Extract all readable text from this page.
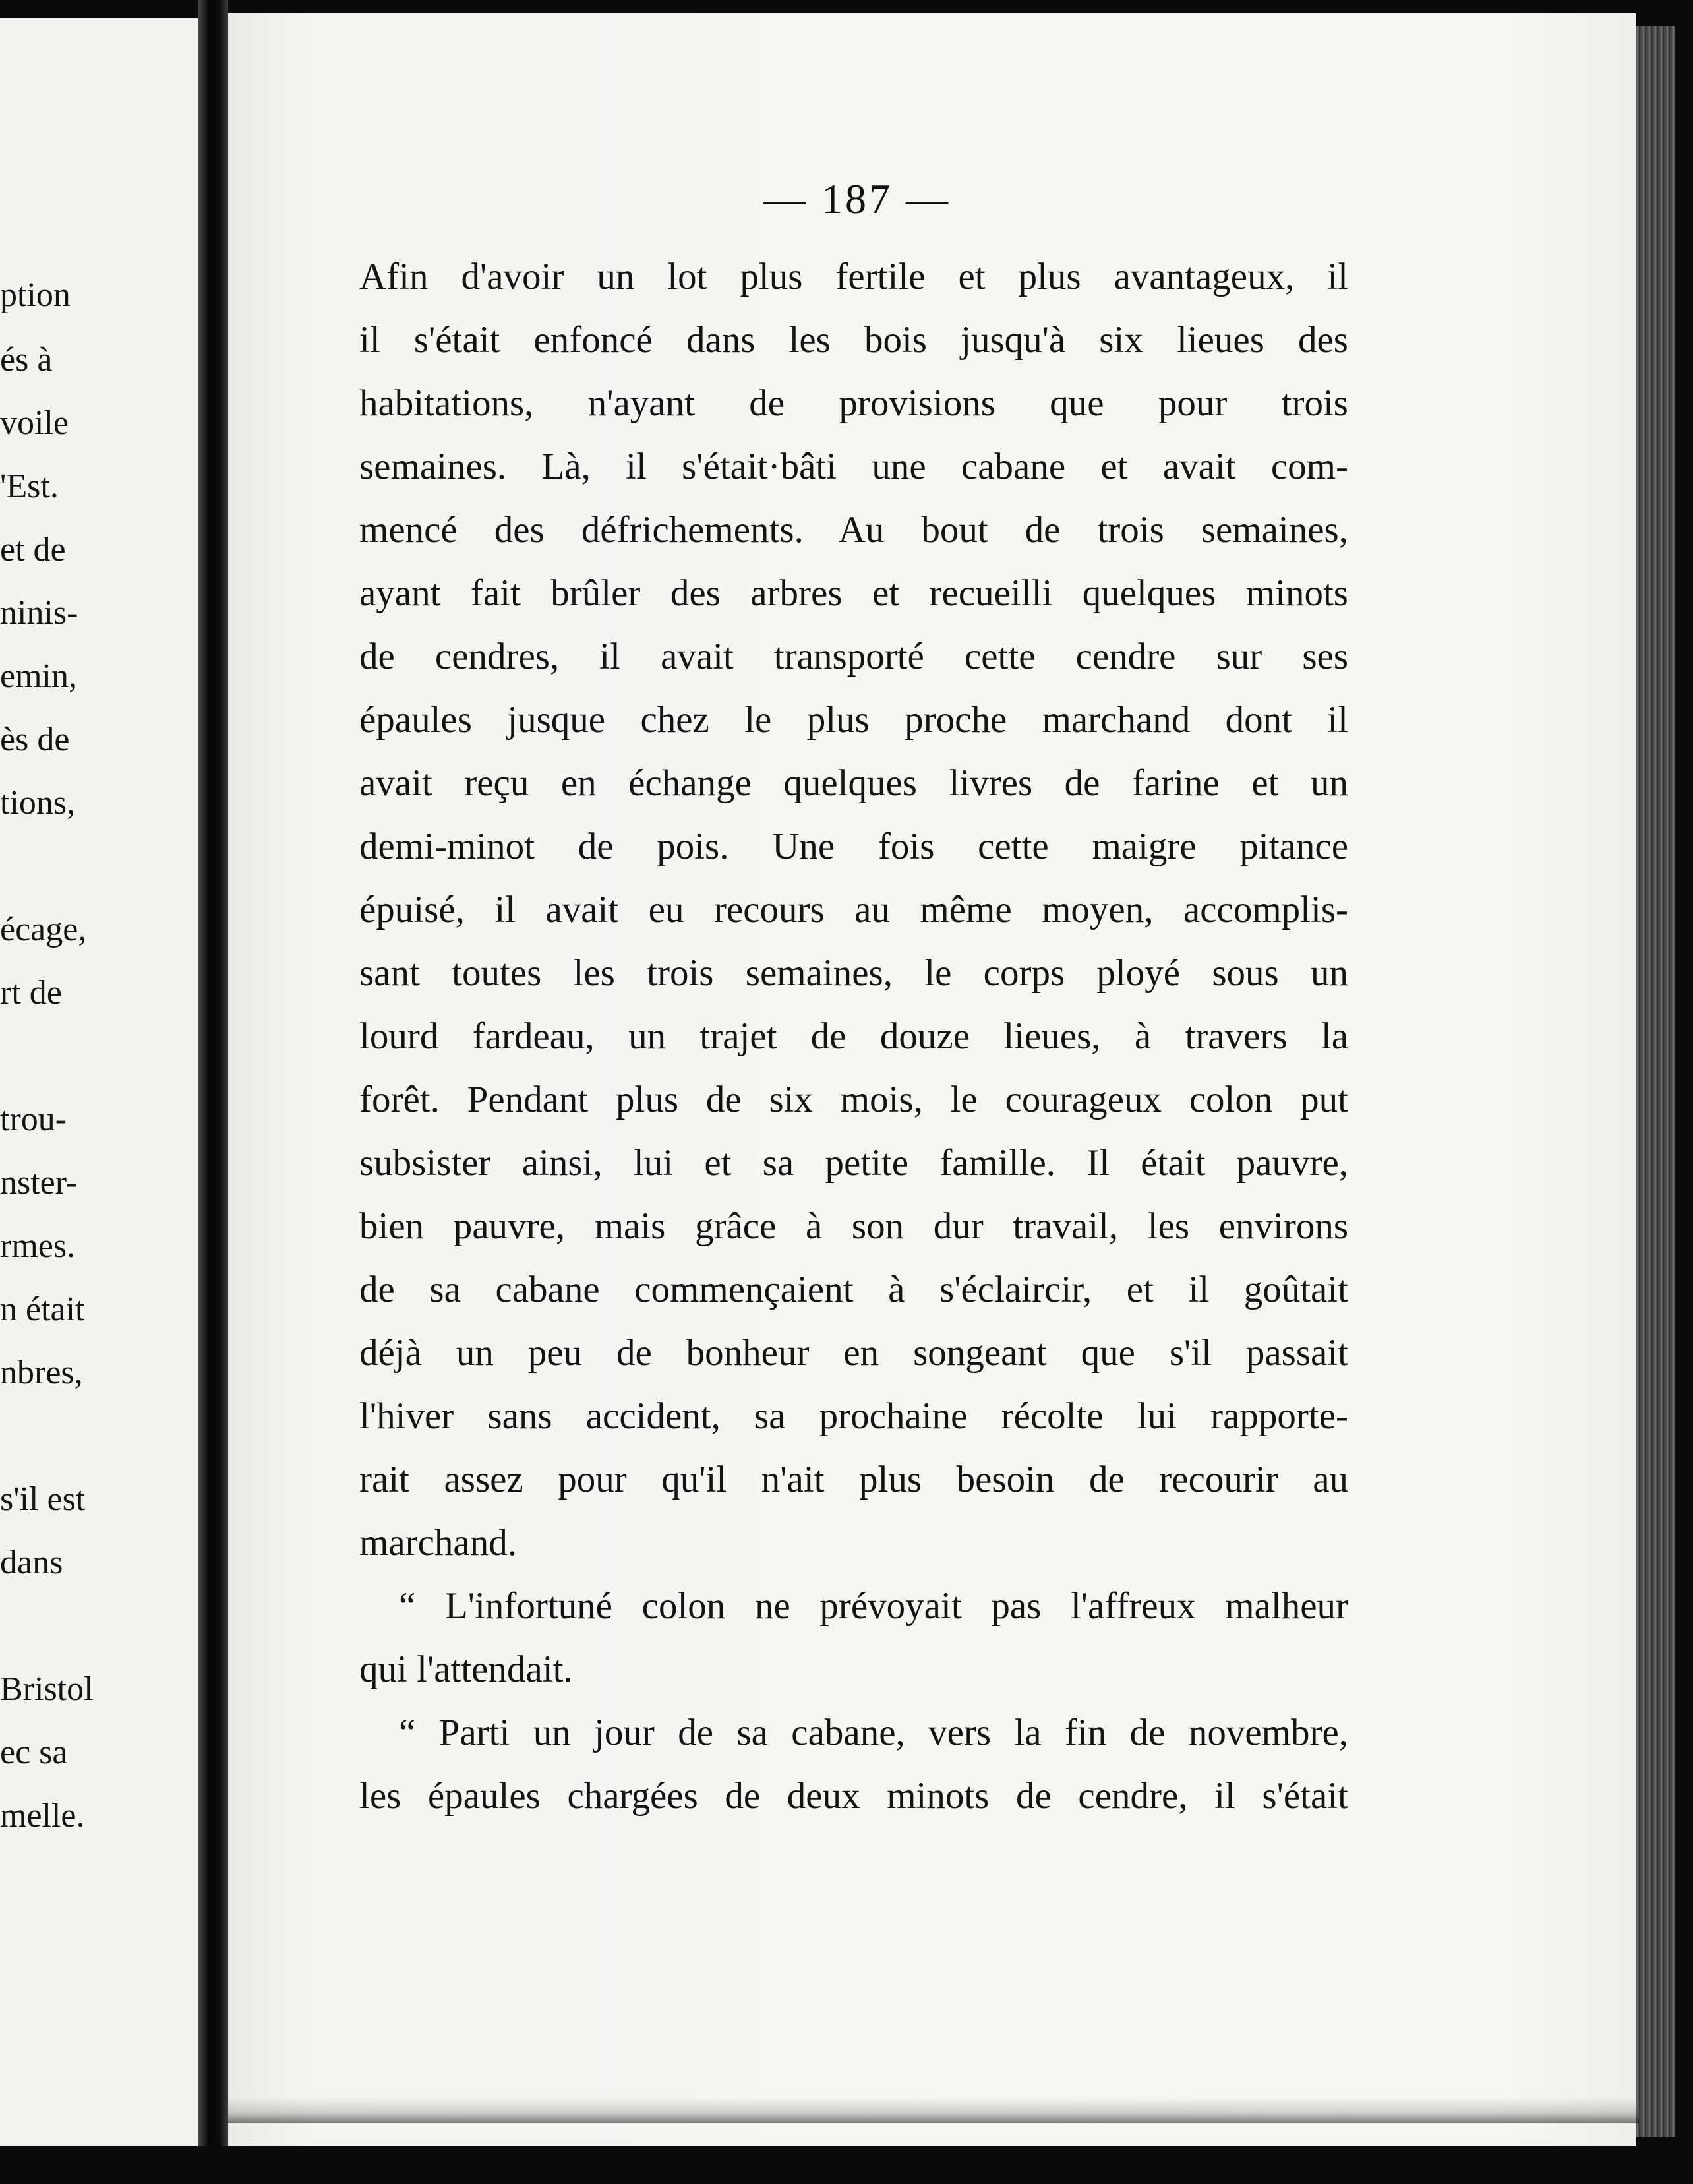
ption
és à
voile
'Est.
et de
ninis-
emin,
ès de
tions,
écage,
rt de
trou-
nster-
rmes.
n était
nbres,
s'il est
dans
Bristol
ec sa
melle.
— 187 —
Afin d'avoir un lot plus fertile et plus avantageux, il
il s'était enfoncé dans les bois jusqu'à six lieues des
habitations, n'ayant de provisions que pour trois
semaines. Là, il s'était·bâti une cabane et avait com-
mencé des défrichements. Au bout de trois semaines,
ayant fait brûler des arbres et recueilli quelques minots
de cendres, il avait transporté cette cendre sur ses
épaules jusque chez le plus proche marchand dont il
avait reçu en échange quelques livres de farine et un
demi-minot de pois. Une fois cette maigre pitance
épuisé, il avait eu recours au même moyen, accomplis-
sant toutes les trois semaines, le corps ployé sous un
lourd fardeau, un trajet de douze lieues, à travers la
forêt. Pendant plus de six mois, le courageux colon put
subsister ainsi, lui et sa petite famille. Il était pauvre,
bien pauvre, mais grâce à son dur travail, les environs
de sa cabane commençaient à s'éclaircir, et il goûtait
déjà un peu de bonheur en songeant que s'il passait
l'hiver sans accident, sa prochaine récolte lui rapporte-
rait assez pour qu'il n'ait plus besoin de recourir au
marchand.
“ L'infortuné colon ne prévoyait pas l'affreux malheur
qui l'attendait.
“ Parti un jour de sa cabane, vers la fin de novembre,
les épaules chargées de deux minots de cendre, il s'était
